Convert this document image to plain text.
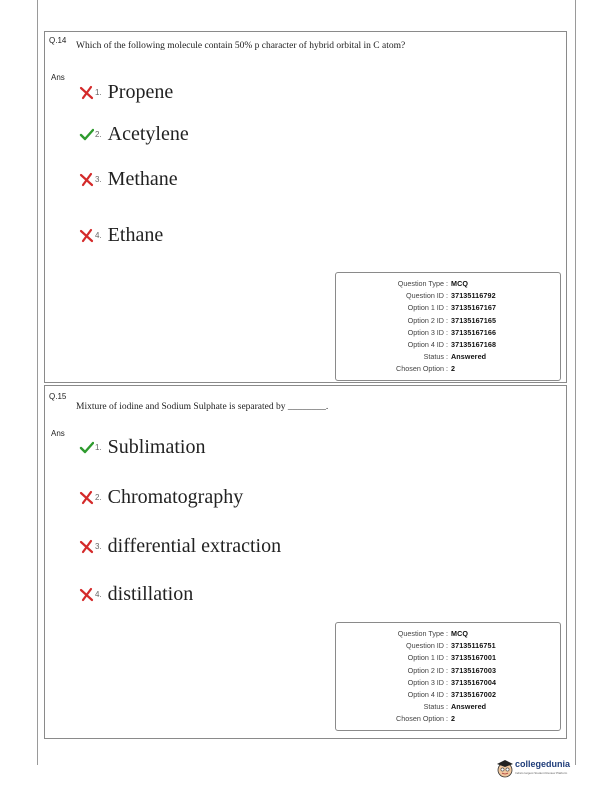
Q.14
Which of the following molecule contain 50% p character of hybrid orbital in C atom?
Ans
1. Propene
2. Acetylene
3. Methane
4. Ethane
Question Type : MCQ
Question ID : 37135116792
Option 1 ID : 37135167167
Option 2 ID : 37135167165
Option 3 ID : 37135167166
Option 4 ID : 37135167168
Status : Answered
Chosen Option : 2
Q.15
Mixture of iodine and Sodium Sulphate is separated by ________.
Ans
1. Sublimation
2. Chromatography
3. differential extraction
4. distillation
Question Type : MCQ
Question ID : 37135116751
Option 1 ID : 37135167001
Option 2 ID : 37135167003
Option 3 ID : 37135167004
Option 4 ID : 37135167002
Status : Answered
Chosen Option : 2
collegedunia
India's largest Student Review Platform
